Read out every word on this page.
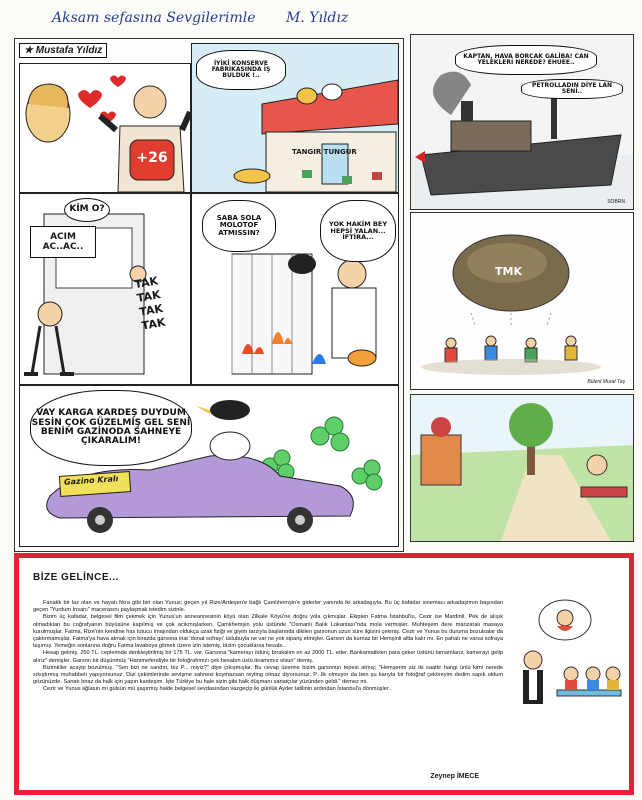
Aksam sefasına Sevgilerimle M. Yıldız
★ Mustafa Yıldız
+26
İYİKİ KONSERVE FABRİKASINDA İŞ BULDUK !..
TANGIR TUNGUR
KİM O?
ACIM AC..AC..
TAK TAK TAK TAK
SABA SOLA MOLOTOF ATMISSIN?
YOK HAKİM BEY HEPSİ YALAN... İFTİRA...
VAY KARGA KARDEŞ DUYDUM SESİN ÇOK GÜZELMİŞ GEL SENİ BENİM GAZİNODA SAHNEYE ÇIKARALIM!
Gazino Kralı
KAPTAN, HAVA BORCAK GALİBA! CAN YELEKLERİ NEREDE? EHUEE..
PETROLLADIN DİYE LAN SENİ..
SOBRN
TMK
Bülent Murat Taş
BİZE GELİNCE...

Fanatik bir laz olan ve hayatı fıkra gibi biri olan Yunus; geçen yıl Rize/Ardeşen'e bağlı Çamlıhemşin'e giderler yanında iki arkadaşıyla. Bu üç kafadar sinemacı arkadaşımın başından geçen "Yurdum İnsanı" macerasını paylaşmak istedim sizinle.

Bizim üç kafadar, belgesel film çekmek için Yunus'un anneannesinin köyü olan Zilkale Köyü'ne doğru yola çıkmışlar. Ekipten Fatma İstanbul'lu, Cezir ise Mardinli. Pek de alışık olmadıkları bu coğrafyanın büyüsüne kapılmış ve çok acıkmışlarken, Çamlıhemşin yolu üstünde "Osmanlı Balık Lokantası"nda mola vermişler. Muhteşem dere manzaralı masaya kurulmuşlar. Fatma, Rize'nin kendine has tutucu imajından oldukça uzak fiziği ve giyim tarzıyla başlarında dikilen garsonun uzun süre ilgisini çekmiş. Cezir ve Yunus bu duruma bozulsalar da çaktırmamışlar. Fatma'ya hava atmak için birazda garsona iriat 'donat sofrayı' üslubuyla ne var ne yok sipariş etmişler. Garson da kurnaz bir Hemşinli altta kalır mı. En pahalı ne varsa sofraya taşımış. Yemeğin sonlarına doğru Fatma lavaboya gitmek üzere izin istemiş, bizim çocuklarsa hesabı..

Hesap gelmiş. 250 TL. ceplerinde denkleştirilmiş bir 175 TL. var. Garsona "kamerayı ödünç bırakalım en az 2000 TL. eder. Bankamatikten para çeker üstünü tamamlarız, kamerayı gelip alırız" demişler. Garson bir düşünmüş "Hanımefendiyle bir fotoğrafımızı çek hesabın üstü ikramımız olsun" demiş.

Bizimkiler acayip bozulmuş. "Sen bizi ne sandın, biz P... miyiz?" diye çıkışmışlar. Bu cevap üzerine bizim garsonun tepesi atmış; "Hemşerim siz iki saattir hangi ünlü kimi nerede sıkıştırmış muhabbeti yapıyorsunuz. Dizi çekimlerinde sevişme sahnesi koymazsan reyting olmaz diyorsunuz. P...lik olmuyor da ben şu karıyla bir fotoğraf çektireyim dedim sapık oldum gözünüzde. Sanatı biraz da halk için yapın kardeşim. İşte Türkiye bu hale sizin gibi halk düşmanı sanatçılar yüzünden geldi." demez mi.

Cezir ve Yunus ağlasın mı gülsün mü şaşırmış halde belgesel sevdasından vazgeçip iki günlük Ayder tatilinin ardından İstanbul'a dönmüşler..

Zeynep İMECE
